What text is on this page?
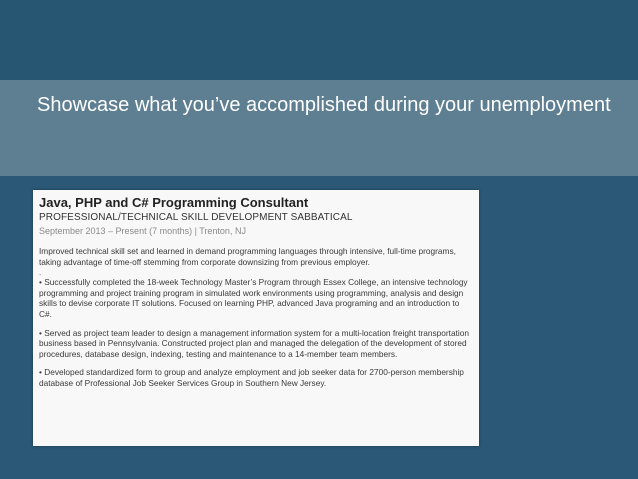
Showcase what you’ve accomplished during your unemployment
Java, PHP and C# Programming Consultant
PROFESSIONAL/TECHNICAL SKILL DEVELOPMENT SABBATICAL
September 2013 – Present (7 months) | Trenton, NJ
Improved technical skill set and learned in demand programming languages through intensive, full-time programs, taking advantage of time-off stemming from corporate downsizing from previous employer.
.
• Successfully completed the 18-week Technology Master’s Program through Essex College, an intensive technology programming and project training program in simulated work environments using programming, analysis and design skills to devise corporate IT solutions. Focused on learning PHP, advanced Java programing and an introduction to C#.
• Served as project team leader to design a management information system for a multi-location freight transportation business based in Pennsylvania. Constructed project plan and managed the delegation of the development of stored procedures, database design, indexing, testing and maintenance to a 14-member team members.
• Developed standardized form to group and analyze employment and job seeker data for 2700-person membership database of Professional Job Seeker Services Group in Southern New Jersey.
